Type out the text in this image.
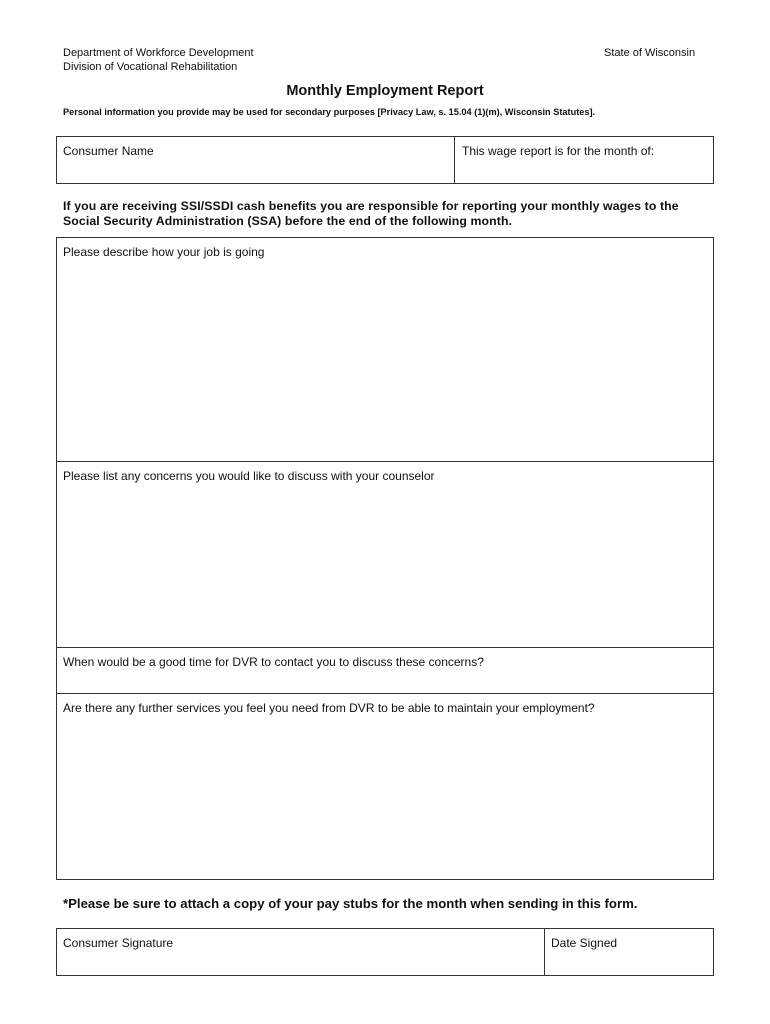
Department of Workforce Development
Division of Vocational Rehabilitation
State of Wisconsin
Monthly Employment Report
Personal information you provide may be used for secondary purposes [Privacy Law, s. 15.04 (1)(m), Wisconsin Statutes].
Consumer Name	This wage report is for the month of:
If you are receiving SSI/SSDI cash benefits you are responsible for reporting your monthly wages to the
Social Security Administration (SSA) before the end of the following month.
Please describe how your job is going
Please list any concerns you would like to discuss with your counselor
When would be a good time for DVR to contact you to discuss these concerns?
Are there any further services you feel you need from DVR to be able to maintain your employment?
*Please be sure to attach a copy of your pay stubs for the month when sending in this form.
Consumer Signature	Date Signed
